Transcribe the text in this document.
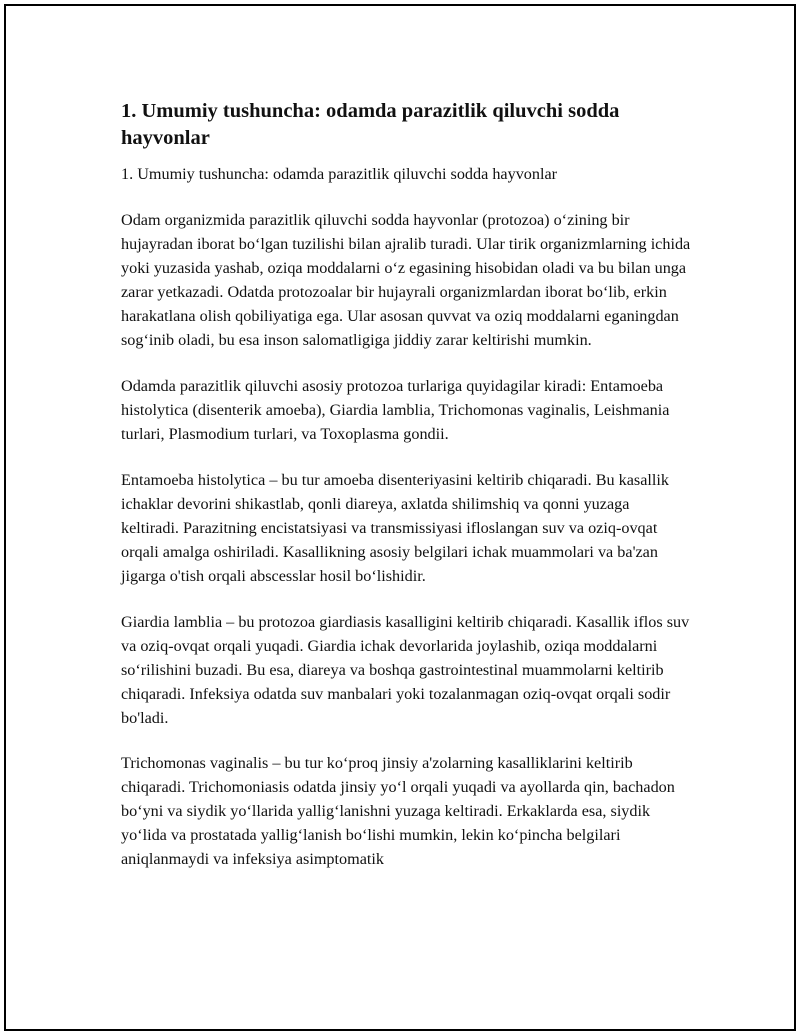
1. Umumiy tushuncha: odamda parazitlik qiluvchi sodda hayvonlar

1. Umumiy tushuncha: odamda parazitlik qiluvchi sodda hayvonlar

Odam organizmida parazitlik qiluvchi sodda hayvonlar (protozoa) o‘zining bir hujayradan iborat bo‘lgan tuzilishi bilan ajralib turadi. Ular tirik organizmlarning ichida yoki yuzasida yashab, oziqa moddalarni o‘z egasining hisobidan oladi va bu bilan unga zarar yetkazadi. Odatda protozoalar bir hujayrali organizmlardan iborat bo‘lib, erkin harakatlana olish qobiliyatiga ega. Ular asosan quvvat va oziq moddalarni eganingdan sog‘inib oladi, bu esa inson salomatligiga jiddiy zarar keltirishi mumkin.

Odamda parazitlik qiluvchi asosiy protozoa turlariga quyidagilar kiradi: Entamoeba histolytica (disenterik amoeba), Giardia lamblia, Trichomonas vaginalis, Leishmania turlari, Plasmodium turlari, va Toxoplasma gondii.

Entamoeba histolytica – bu tur amoeba disenteriyasini keltirib chiqaradi. Bu kasallik ichaklar devorini shikastlab, qonli diareya, axlatda shilimshiq va qonni yuzaga keltiradi. Parazitning encistatsiyasi va transmissiyasi ifloslangan suv va oziq-ovqat orqali amalga oshiriladi. Kasallikning asosiy belgilari ichak muammolari va ba'zan jigarga o'tish orqali abscesslar hosil bo‘lishidir.

Giardia lamblia – bu protozoa giardiasis kasalligini keltirib chiqaradi. Kasallik iflos suv va oziq-ovqat orqali yuqadi. Giardia ichak devorlarida joylashib, oziqa moddalarni so‘rilishini buzadi. Bu esa, diareya va boshqa gastrointestinal muammolarni keltirib chiqaradi. Infeksiya odatda suv manbalari yoki tozalanmagan oziq-ovqat orqali sodir bo'ladi.

Trichomonas vaginalis – bu tur ko‘proq jinsiy a'zolarning kasalliklarini keltirib chiqaradi. Trichomoniasis odatda jinsiy yo‘l orqali yuqadi va ayollarda qin, bachadon bo‘yni va siydik yo‘llarida yallig‘lanishni yuzaga keltiradi. Erkaklarda esa, siydik yo‘lida va prostatada yallig‘lanish bo‘lishi mumkin, lekin ko‘pincha belgilari aniqlanmaydi va infeksiya asimptomatik
